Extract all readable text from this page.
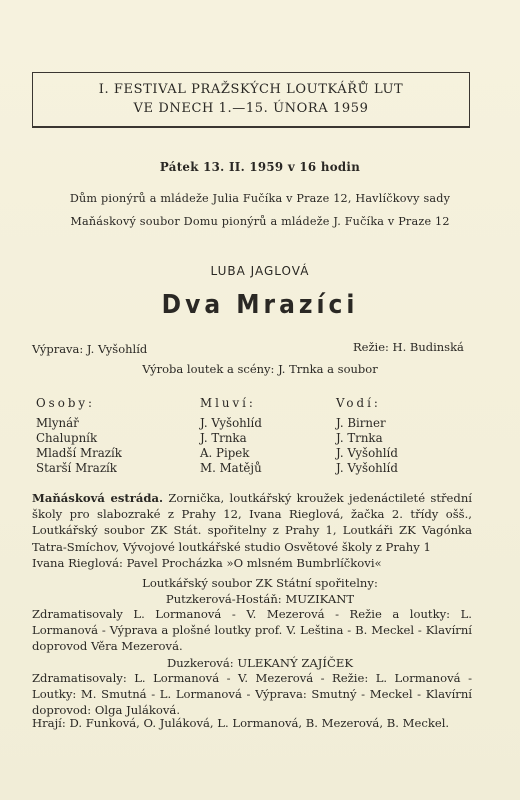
I. FESTIVAL PRAŽSKÝCH LOUTKÁŘŮ LUT
VE DNECH 1.—15. ÚNORA 1959
Pátek 13. II. 1959 v 16 hodin
Dům pionýrů a mládeže Julia Fučíka v Praze 12, Havlíčkovy sady
Maňáskový soubor Domu pionýrů a mládeže J. Fučíka v Praze 12
LUBA JAGLOVÁ
Dva Mrazíci
Výprava: J. Vyšohlíd	Režie: H. Budinská
Výroba loutek a scény: J. Trnka a soubor
Osoby:
Mlynář
Chalupník
Mladší Mrazík
Starší Mrazík
Mluví:
J. Vyšohlíd
J. Trnka
A. Pipek
M. Matějů
Vodí:
J. Birner
J. Trnka
J. Vyšohlíd
J. Vyšohlíd
Maňásková estráda. Zornička, loutkářský kroužek jedenáctileté střední školy pro slabozraké z Prahy 12, Ivana Rieglová, žačka 2. třídy ošš., Loutkářský soubor ZK Stát. spořitelny z Prahy 1, Loutkáři ZK Vagónka Tatra-Smíchov, Vývojové loutkářské studio Osvětové školy z Prahy 1
Ivana Rieglová: Pavel Procházka »O mlsném Bumbrlíčkovi«
Loutkářský soubor ZK Státní spořitelny:
Putzkerová-Hostáň: MUZIKANT
Zdramatisovaly L. Lormanová - V. Mezerová - Režie a loutky: L. Lormanová - Výprava a plošné loutky prof. V. Leština - B. Meckel - Klavírní doprovod Věra Mezerová.
Duzkerová: ULEKANÝ ZAJÍČEK
Zdramatisovaly: L. Lormanová - V. Mezerová - Režie: L. Lormanová - Loutky: M. Smutná - L. Lormanová - Výprava: Smutný - Meckel - Klavírní doprovod: Olga Juláková.
Hrají: D. Funková, O. Juláková, L. Lormanová, B. Mezerová, B. Meckel.
